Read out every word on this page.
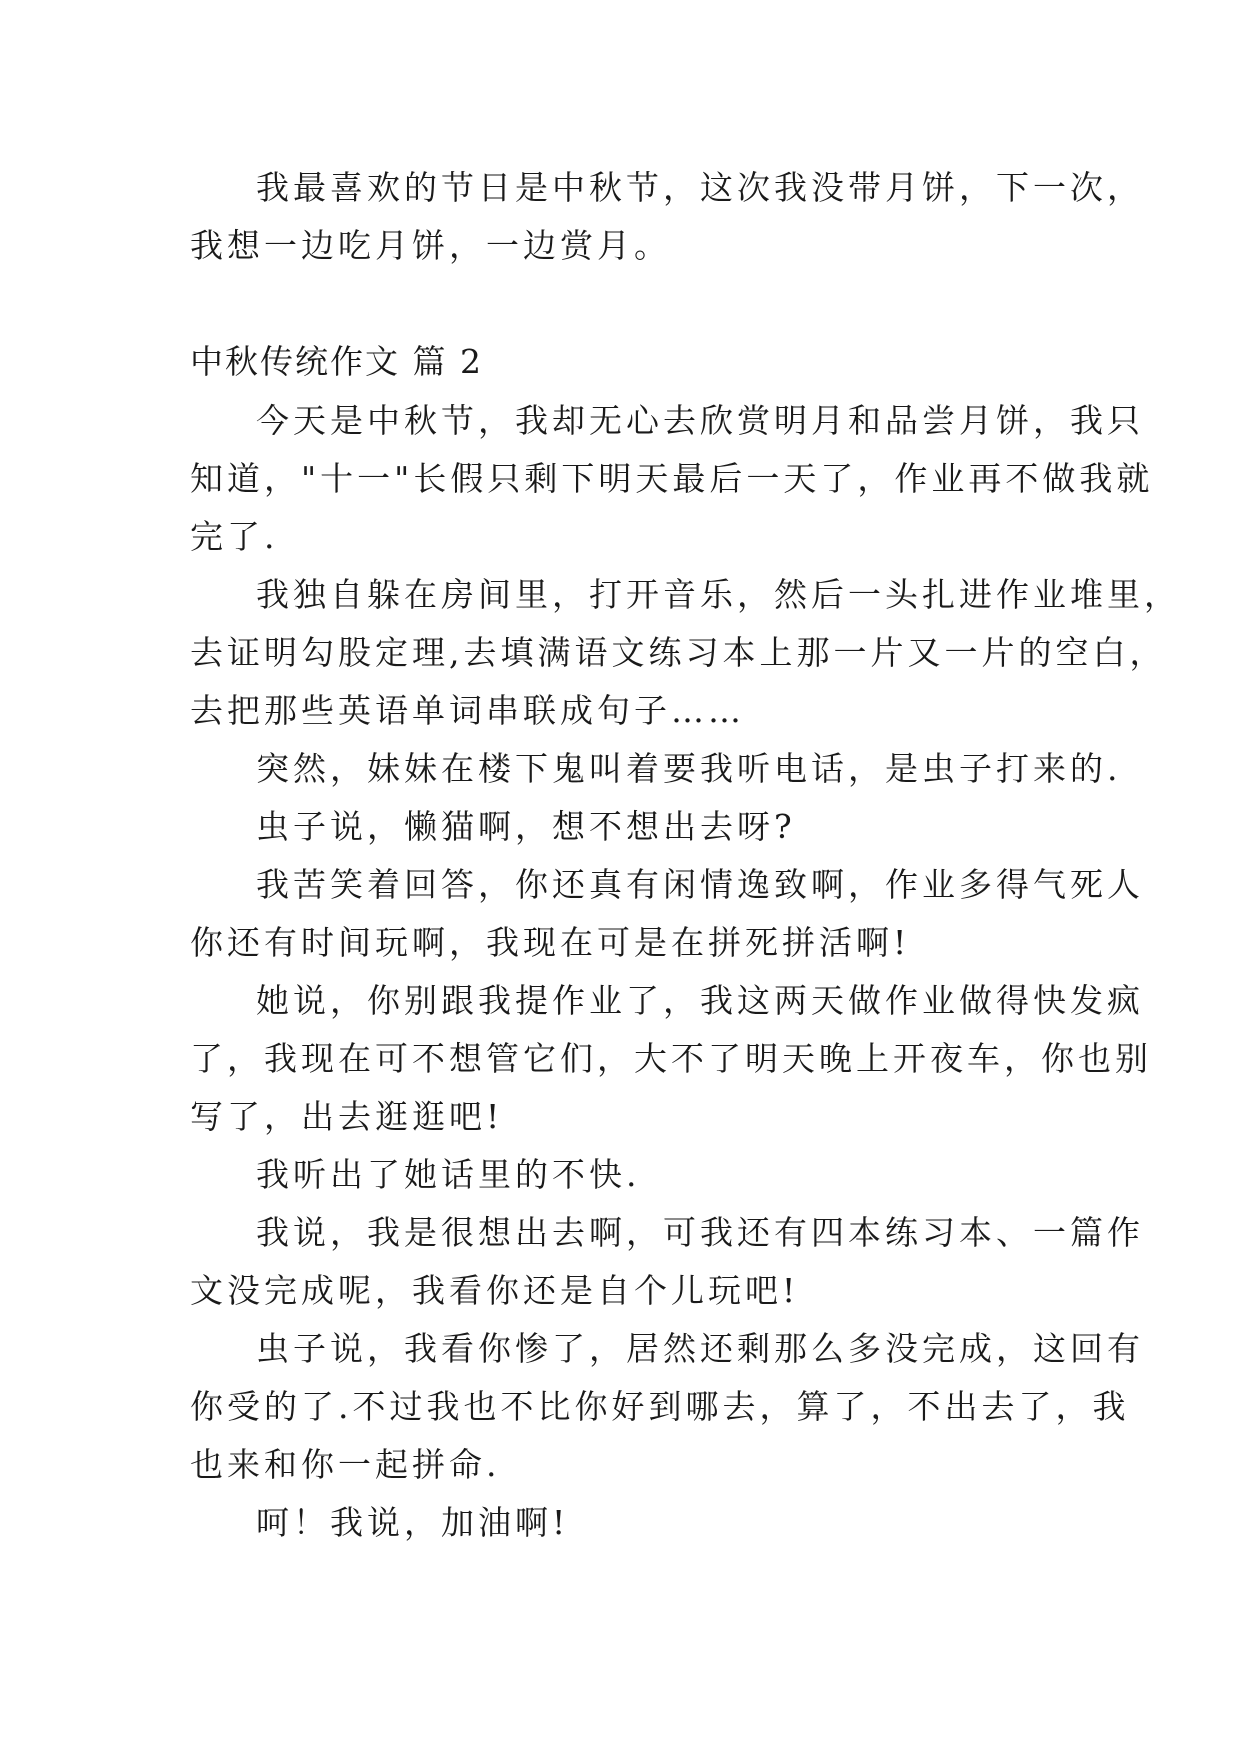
我最喜欢的节日是中秋节，这次我没带月饼，下一次，
我想一边吃月饼，一边赏月。
中秋传统作文 篇 2
今天是中秋节，我却无心去欣赏明月和品尝月饼，我只
知道，"十一"长假只剩下明天最后一天了，作业再不做我就
完了.
我独自躲在房间里，打开音乐，然后一头扎进作业堆里，
去证明勾股定理,去填满语文练习本上那一片又一片的空白，
去把那些英语单词串联成句子……
突然，妹妹在楼下鬼叫着要我听电话，是虫子打来的.
虫子说，懒猫啊，想不想出去呀?
我苦笑着回答，你还真有闲情逸致啊，作业多得气死人
你还有时间玩啊，我现在可是在拼死拼活啊!
她说，你别跟我提作业了，我这两天做作业做得快发疯
了，我现在可不想管它们，大不了明天晚上开夜车，你也别
写了，出去逛逛吧!
我听出了她话里的不快.
我说，我是很想出去啊，可我还有四本练习本、一篇作
文没完成呢，我看你还是自个儿玩吧!
虫子说，我看你惨了，居然还剩那么多没完成，这回有
你受的了.不过我也不比你好到哪去，算了，不出去了，我
也来和你一起拼命.
呵！我说，加油啊!
